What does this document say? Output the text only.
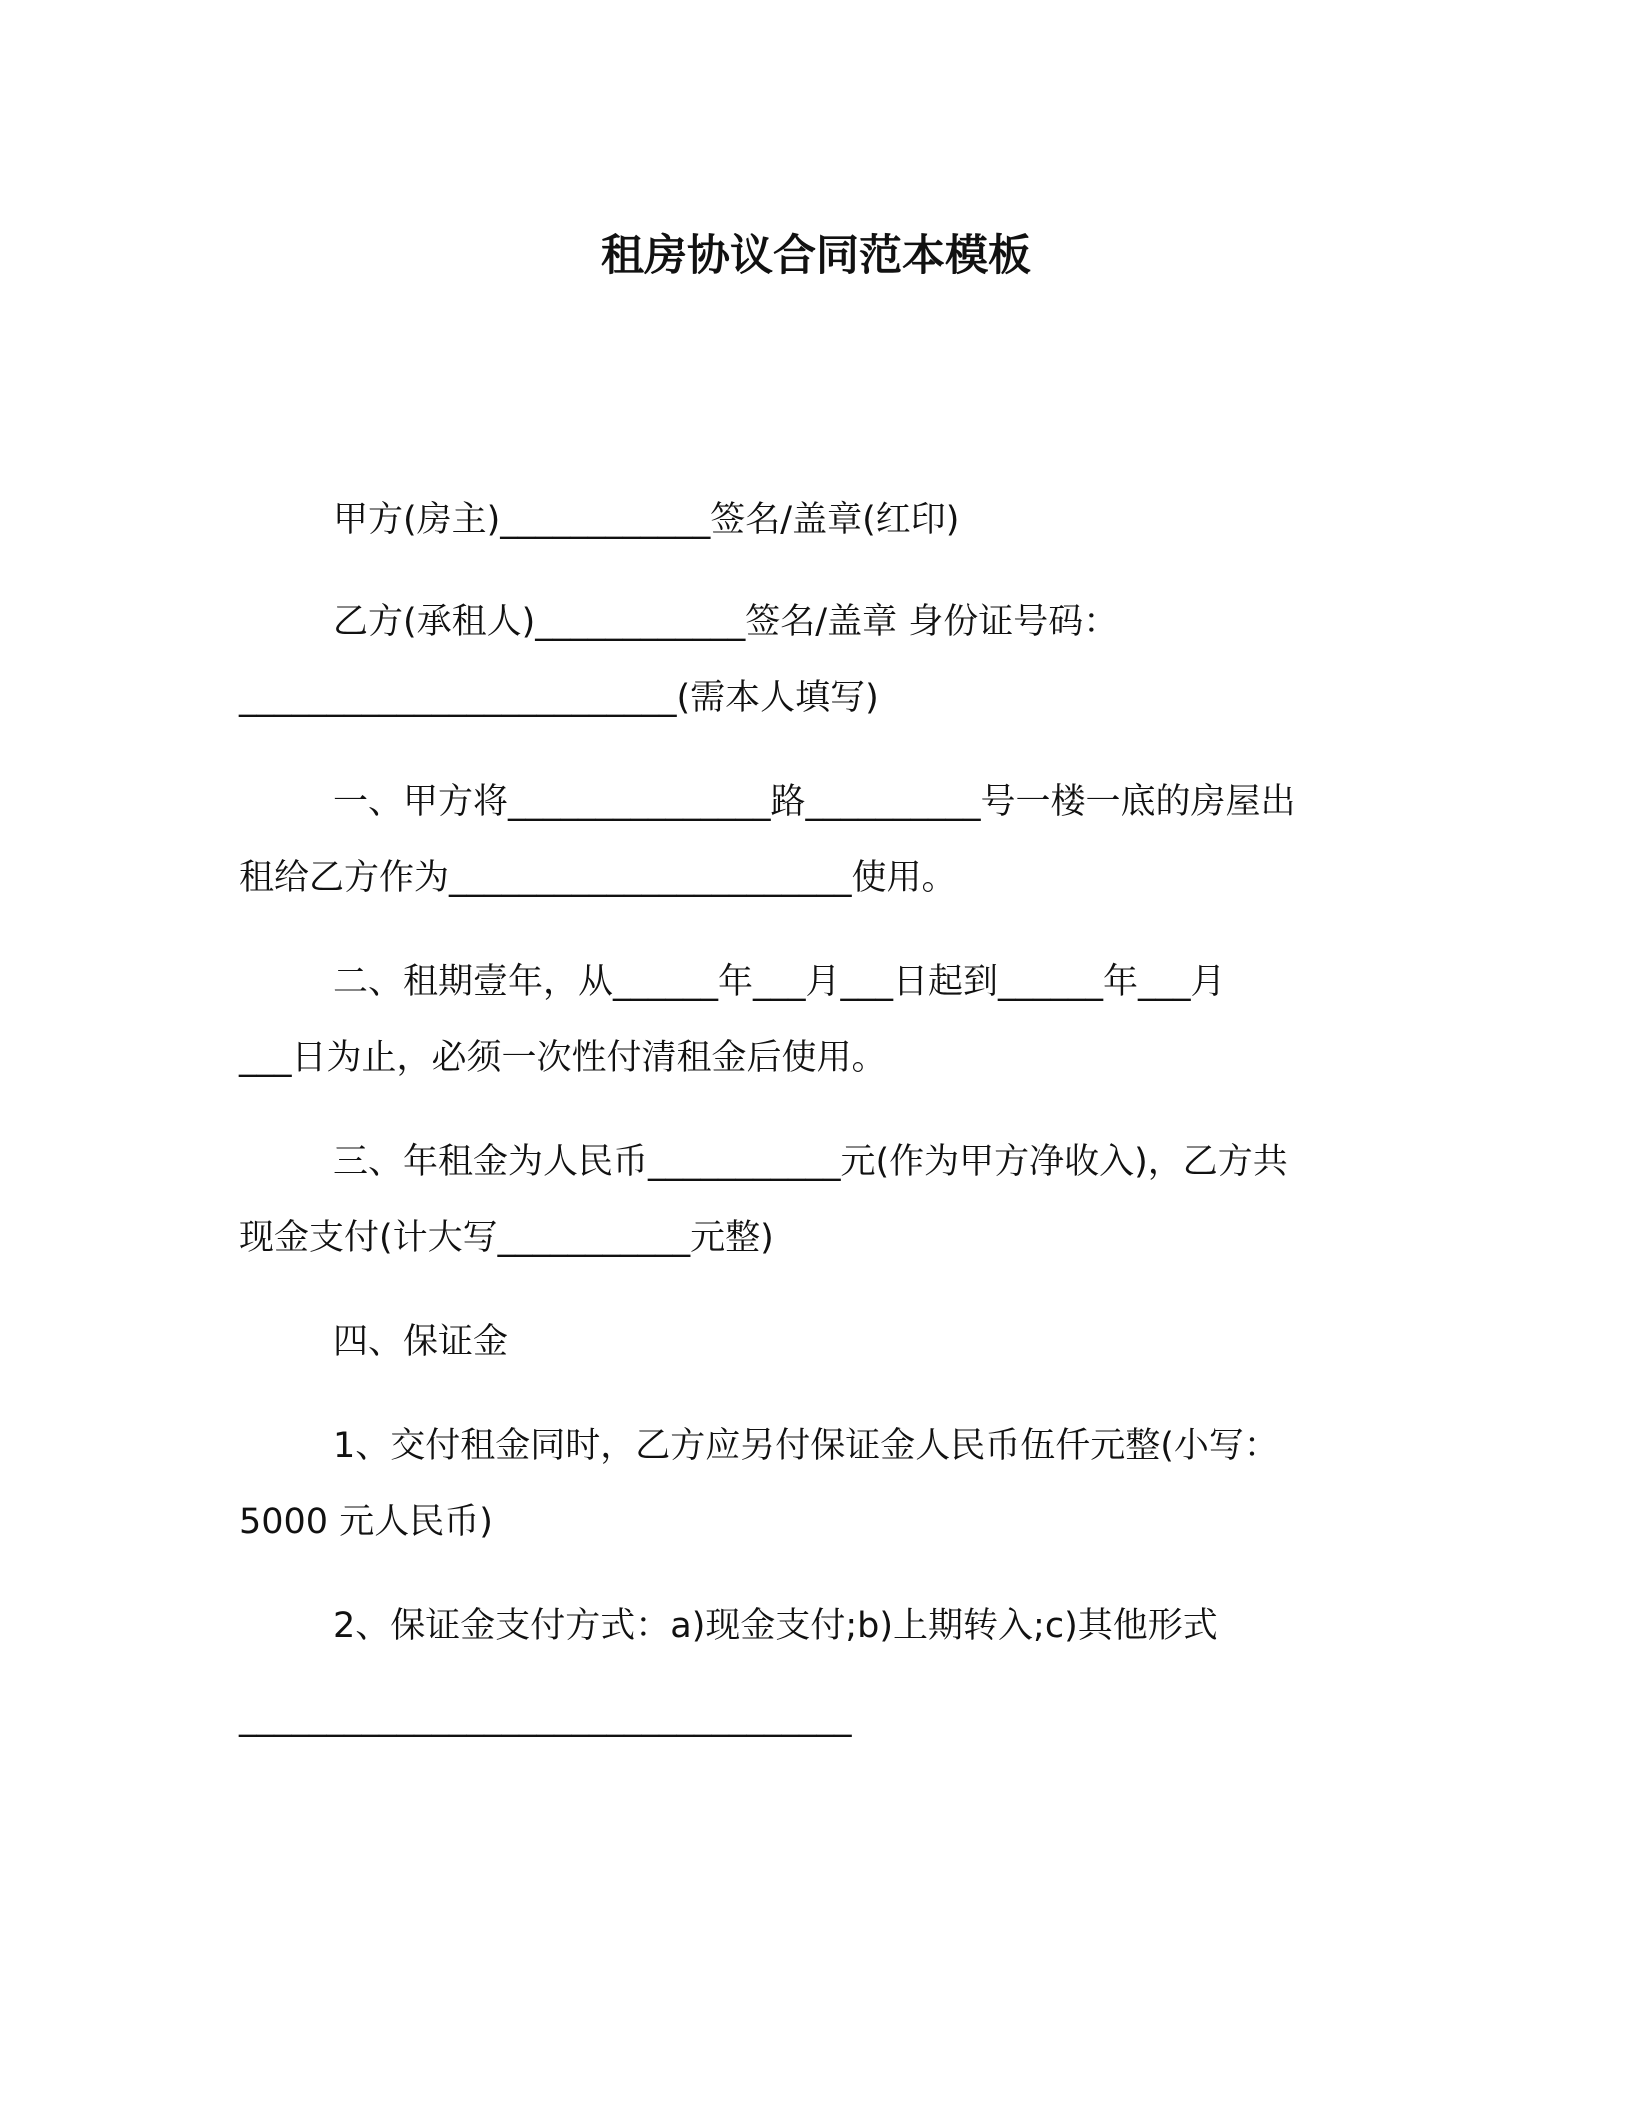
租房协议合同范本模板
甲方(房主)____________签名/盖章(红印)
乙方(承租人)____________签名/盖章 身份证号码：
_________________________(需本人填写)
一、甲方将_______________路__________号一楼一底的房屋出
租给乙方作为_______________________使用。
二、租期壹年，从______年___月___日起到______年___月
___日为止，必须一次性付清租金后使用。
三、年租金为人民币___________元(作为甲方净收入)，乙方共
现金支付(计大写___________元整)
四、保证金
1、交付租金同时，乙方应另付保证金人民币伍仟元整(小写：
5000 元人民币)
2、保证金支付方式：a)现金支付;b)上期转入;c)其他形式
___________________________________
